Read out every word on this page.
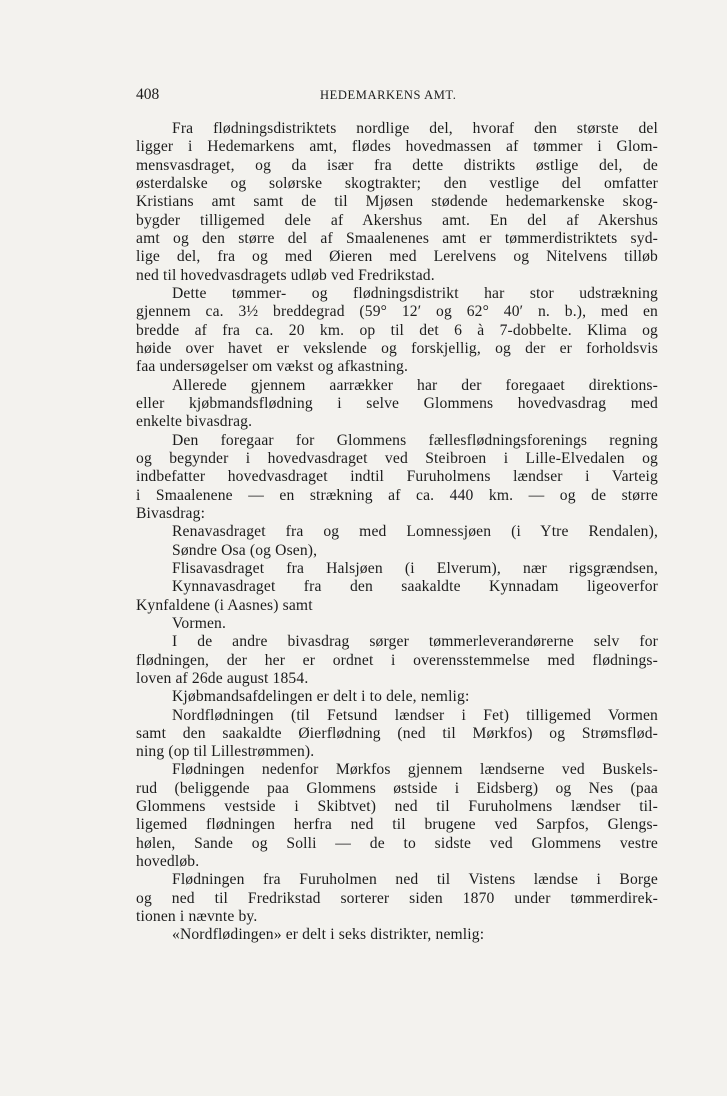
408	HEDEMARKENS AMT.
Fra flødningsdistriktets nordlige del, hvoraf den største del
ligger i Hedemarkens amt, flødes hovedmassen af tømmer i Glom-
mensvasdraget, og da især fra dette distrikts østlige del, de
østerdalske og solørske skogtrakter; den vestlige del omfatter
Kristians amt samt de til Mjøsen stødende hedemarkenske skog-
bygder tilligemed dele af Akershus amt. En del af Akershus
amt og den større del af Smaalenenes amt er tømmerdistriktets syd-
lige del, fra og med Øieren med Lerelvens og Nitelvens tilløb
ned til hovedvasdragets udløb ved Fredrikstad.
Dette tømmer- og flødningsdistrikt har stor udstrækning
gjennem ca. 3½ breddegrad (59° 12′ og 62° 40′ n. b.), med en
bredde af fra ca. 20 km. op til det 6 à 7-dobbelte. Klima og
høide over havet er vekslende og forskjellig, og der er forholdsvis
faa undersøgelser om vækst og afkastning.
Allerede gjennem aarrækker har der foregaaet direktions-
eller kjøbmandsflødning i selve Glommens hovedvasdrag med
enkelte bivasdrag.
Den foregaar for Glommens fællesflødningsforenings regning
og begynder i hovedvasdraget ved Steibroen i Lille-Elvedalen og
indbefatter hovedvasdraget indtil Furuholmens lændser i Varteig
i Smaalenene — en strækning af ca. 440 km. — og de større
Bivasdrag:
Renavasdraget fra og med Lomnessjøen (i Ytre Rendalen),
Søndre Osa (og Osen),
Flisavasdraget fra Halsjøen (i Elverum), nær rigsgrændsen,
Kynnavasdraget fra den saakaldte Kynnadam ligeoverfor
Kynfaldene (i Aasnes) samt
Vormen.
I de andre bivasdrag sørger tømmerleverandørerne selv for
flødningen, der her er ordnet i overensstemmelse med flødnings-
loven af 26de august 1854.
Kjøbmandsafdelingen er delt i to dele, nemlig:
Nordflødningen (til Fetsund lændser i Fet) tilligemed Vormen
samt den saakaldte Øierflødning (ned til Mørkfos) og Strømsflød-
ning (op til Lillestrømmen).
Flødningen nedenfor Mørkfos gjennem lændserne ved Buskels-
rud (beliggende paa Glommens østside i Eidsberg) og Nes (paa
Glommens vestside i Skibtvet) ned til Furuholmens lændser til-
ligemed flødningen herfra ned til brugene ved Sarpfos, Glengs-
hølen, Sande og Solli — de to sidste ved Glommens vestre
hovedløb.
Flødningen fra Furuholmen ned til Vistens lændse i Borge
og ned til Fredrikstad sorterer siden 1870 under tømmerdirek-
tionen i nævnte by.
«Nordflødingen» er delt i seks distrikter, nemlig:
